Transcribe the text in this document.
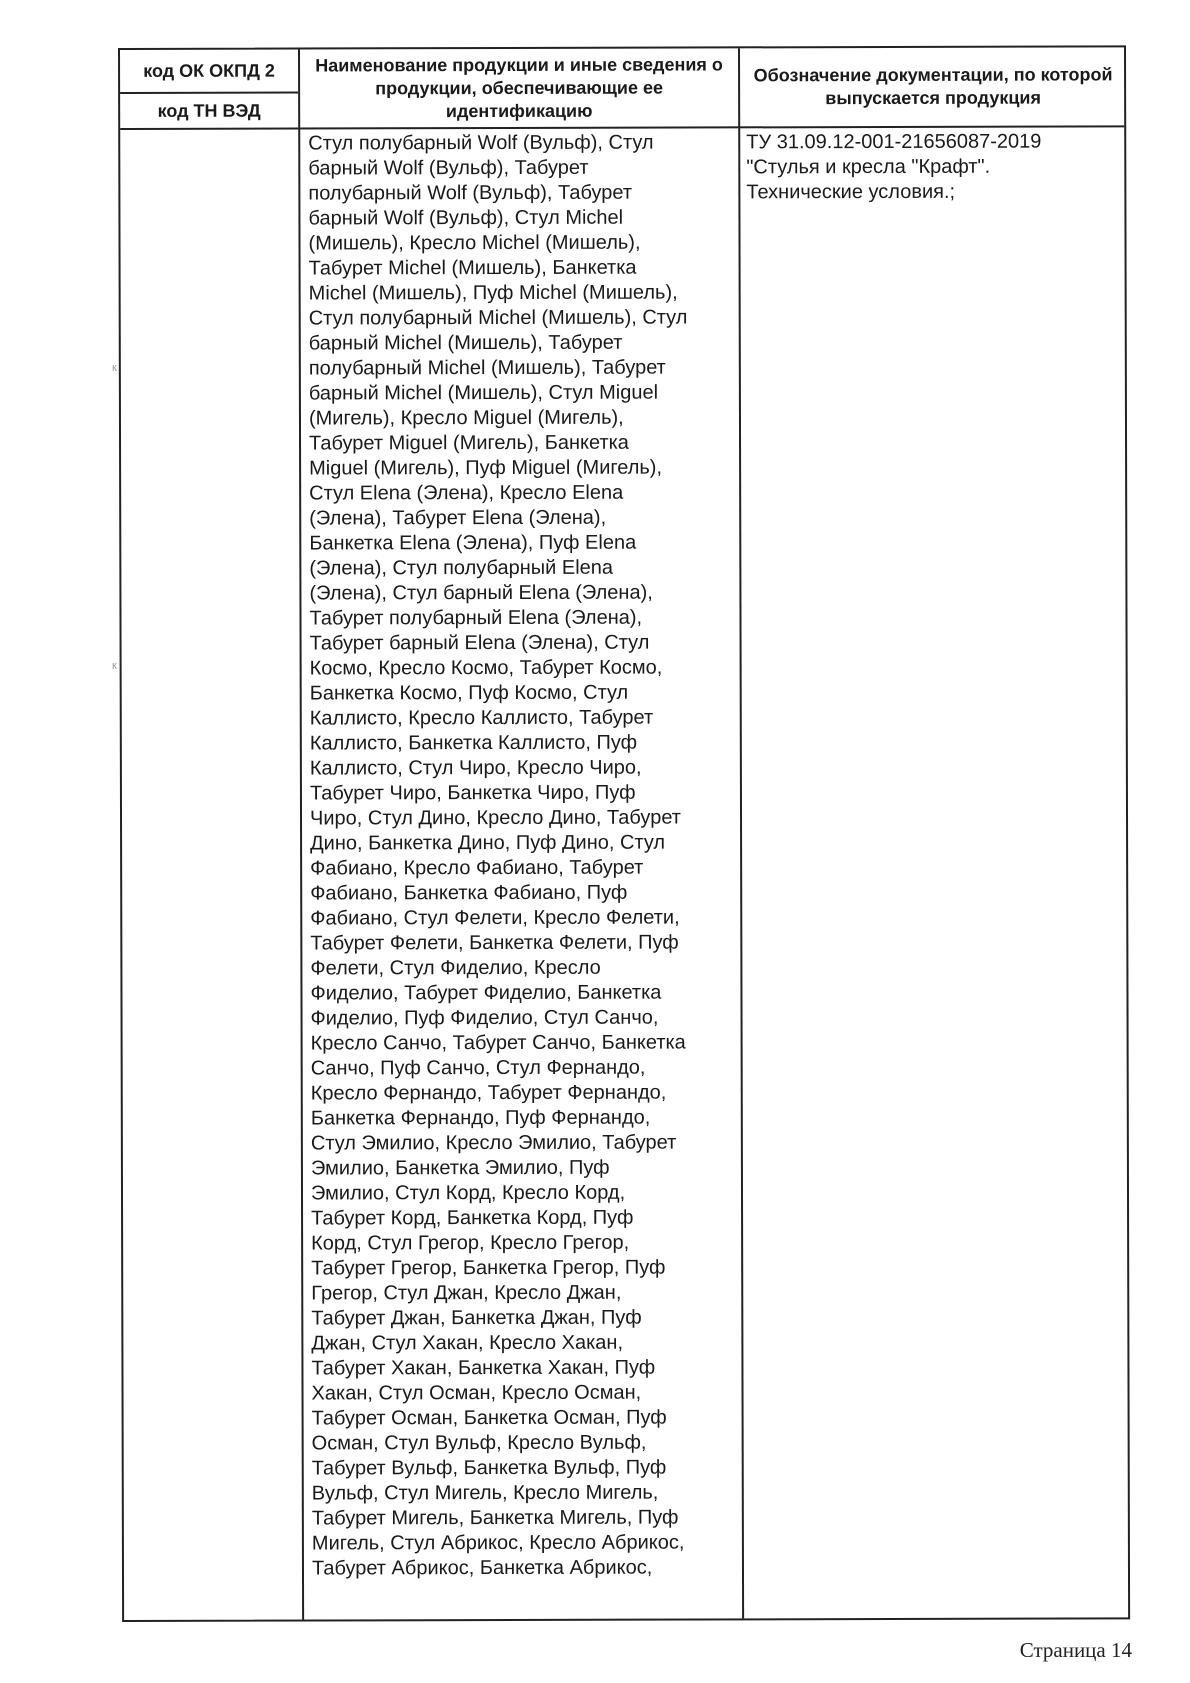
код ОК ОКПД 2
код ТН ВЭД
Наименование продукции и иные сведения о продукции, обеспечивающие ее идентификацию
Обозначение документации, по которой выпускается продукция
Стул полубарный Wolf (Вульф), Стул
барный Wolf (Вульф), Табурет
полубарный Wolf (Вульф), Табурет
барный Wolf (Вульф), Стул Michel
(Мишель), Кресло Michel (Мишель),
Табурет Michel (Мишель), Банкетка
Michel (Мишель), Пуф Michel (Мишель),
Стул полубарный Michel (Мишель), Стул
барный Michel (Мишель), Табурет
полубарный Michel (Мишель), Табурет
барный Michel (Мишель), Стул Miguel
(Мигель), Кресло Miguel (Мигель),
Табурет Miguel (Мигель), Банкетка
Miguel (Мигель), Пуф Miguel (Мигель),
Стул Elena (Элена), Кресло Elena
(Элена), Табурет Elena (Элена),
Банкетка Elena (Элена), Пуф Elena
(Элена), Стул полубарный Elena
(Элена), Стул барный Elena (Элена),
Табурет полубарный Elena (Элена),
Табурет барный Elena (Элена), Стул
Космо, Кресло Космо, Табурет Космо,
Банкетка Космо, Пуф Космо, Стул
Каллисто, Кресло Каллисто, Табурет
Каллисто, Банкетка Каллисто, Пуф
Каллисто, Стул Чиро, Кресло Чиро,
Табурет Чиро, Банкетка Чиро, Пуф
Чиро, Стул Дино, Кресло Дино, Табурет
Дино, Банкетка Дино, Пуф Дино, Стул
Фабиано, Кресло Фабиано, Табурет
Фабиано, Банкетка Фабиано, Пуф
Фабиано, Стул Фелети, Кресло Фелети,
Табурет Фелети, Банкетка Фелети, Пуф
Фелети, Стул Фиделио, Кресло
Фиделио, Табурет Фиделио, Банкетка
Фиделио, Пуф Фиделио, Стул Санчо,
Кресло Санчо, Табурет Санчо, Банкетка
Санчо, Пуф Санчо, Стул Фернандо,
Кресло Фернандо, Табурет Фернандо,
Банкетка Фернандо, Пуф Фернандо,
Стул Эмилио, Кресло Эмилио, Табурет
Эмилио, Банкетка Эмилио, Пуф
Эмилио, Стул Корд, Кресло Корд,
Табурет Корд, Банкетка Корд, Пуф
Корд, Стул Грегор, Кресло Грегор,
Табурет Грегор, Банкетка Грегор, Пуф
Грегор, Стул Джан, Кресло Джан,
Табурет Джан, Банкетка Джан, Пуф
Джан, Стул Хакан, Кресло Хакан,
Табурет Хакан, Банкетка Хакан, Пуф
Хакан, Стул Осман, Кресло Осман,
Табурет Осман, Банкетка Осман, Пуф
Осман, Стул Вульф, Кресло Вульф,
Табурет Вульф, Банкетка Вульф, Пуф
Вульф, Стул Мигель, Кресло Мигель,
Табурет Мигель, Банкетка Мигель, Пуф
Мигель, Стул Абрикос, Кресло Абрикос,
Табурет Абрикос, Банкетка Абрикос,
ТУ 31.09.12-001-21656087-2019
"Стулья и кресла "Крафт".
Технические условия.;
к
к
Страница 14
